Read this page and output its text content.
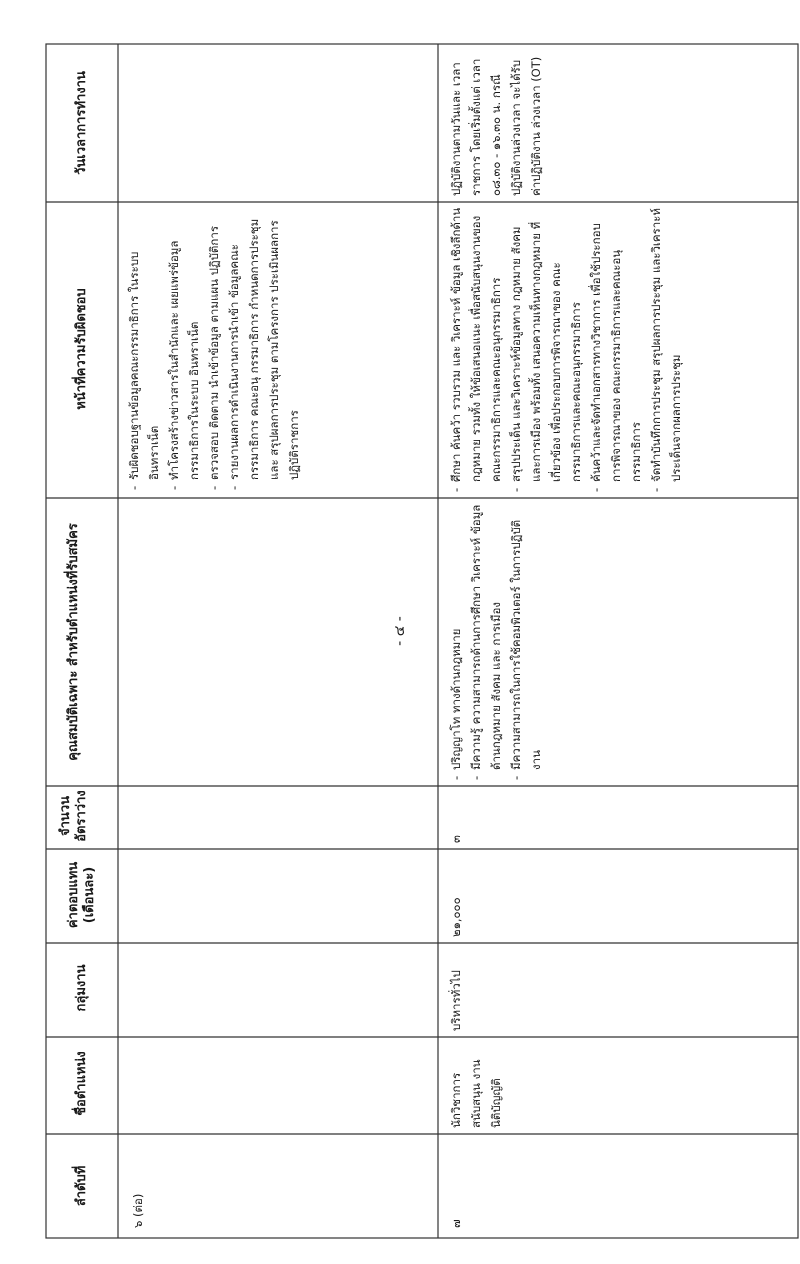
- ๔ -
ลำดับที่
ชื่อตำแหน่ง
กลุ่มงาน
ค่าตอบแทน (เดือนละ)
จำนวนอัตราว่าง
คุณสมบัติเฉพาะ สำหรับตำแหน่งที่รับสมัคร
หน้าที่ความรับผิดชอบ
วันเวลาการทำงาน
๖ (ต่อ)
- รับผิดชอบฐานข้อมูลคณะกรรมาธิการ ในระบบอินทราเน็ต - ทำโครงสร้างข่าวสารในสำนักและ เผยแพร่ข้อมูลกรรมาธิการในระบบ อินทราเน็ต - ตรวจสอบ ติดตาม นำเข้าข้อมูล ตามแผน ปฏิบัติการ - รายงานผลการดำเนินงานการนำเข้า ข้อมูลคณะกรรมาธิการ คณะอนุ กรรมาธิการ กำหนดการประชุม และ สรุปผลการประชุม ตามโครงการ ประเมินผลการปฏิบัติราชการ
๗
นักวิชาการสนับสนุน งานนิติบัญญัติ
บริหารทั่วไป
๒๑,๐๐๐
๓
- ปริญญาโท ทางด้านกฎหมาย - มีความรู้ ความสามารถด้านการศึกษา วิเคราะห์ ข้อมูลด้านกฎหมาย สังคม และ การเมือง - มีความสามารถในการใช้คอมพิวเตอร์ ในการปฏิบัติงาน
- ศึกษา ค้นคว้า รวบรวม และ วิเคราะห์ ข้อมูล เชิงลึกด้านกฎหมาย รวมทั้ง ให้ข้อเสนอแนะ เพื่อสนับสนุนงานของ คณะกรรมาธิการและคณะอนุกรรมาธิการ - สรุปประเด็น และวิเคราะห์ข้อมูลทาง กฎหมาย สังคม และการเมือง พร้อมทั้ง เสนอความเห็นทางกฎหมาย ที่เกี่ยวข้อง เพื่อประกอบการพิจารณาของ คณะกรรมาธิการและคณะอนุกรรมาธิการ - ค้นคว้าและจัดทำเอกสารทางวิชาการ เพื่อใช้ประกอบการพิจารณาของ คณะกรรมาธิการและคณะอนุกรรมาธิการ - จัดทำบันทึกการประชุม สรุปผลการประชุม และวิเคราะห์ประเด็นจากผลการประชุม
ปฏิบัติงานตามวันและ เวลาราชการ โดยเริ่มตั้งแต่ เวลา ๐๘.๓๐ - ๑๖.๓๐ น. กรณีปฏิบัติงานล่วงเวลา จะได้รับค่าปฏิบัติงาน ล่วงเวลา (OT)
